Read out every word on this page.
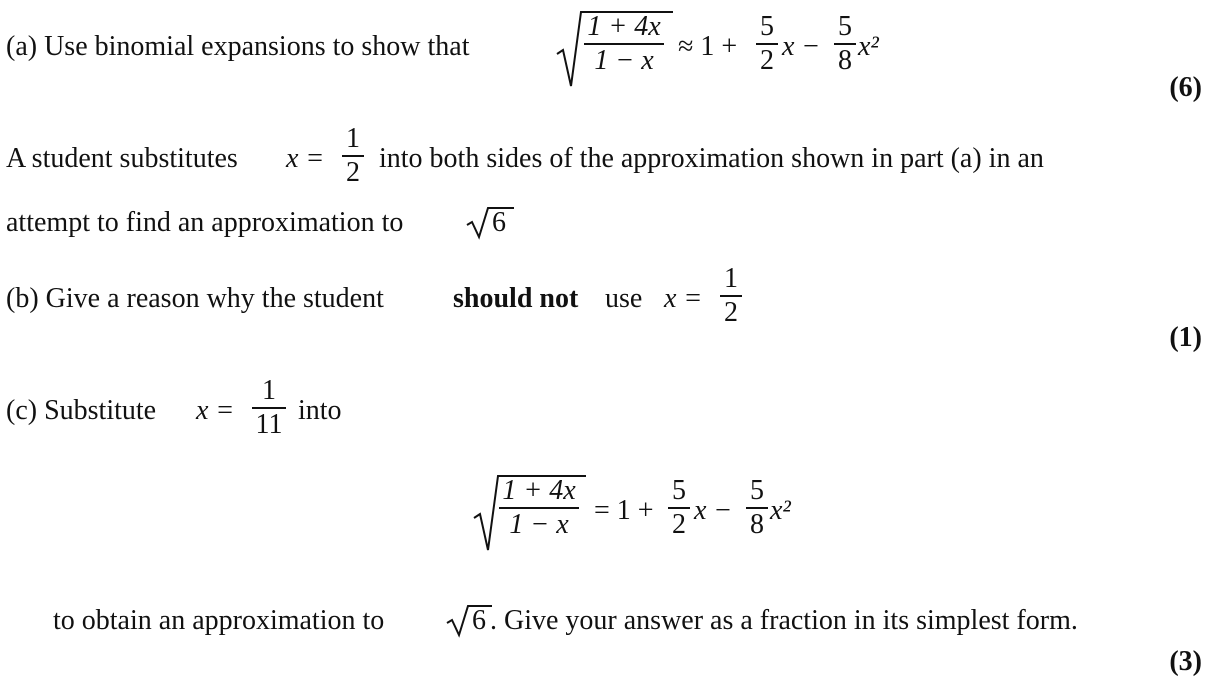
(a) Use binomial expansions to show that
1 + 4x
1 − x ≈ 1 +
5
2 x −
5
8 x²
(6)
A student substitutes x =
1
2 into both sides of the approximation shown in part (a) in an
attempt to find an approximation to	6
(b) Give a reason why the student should not use x =
1
2
(1)
(c) Substitute x =
1
11 into
1 + 4x
1 − x = 1 +
5
2 x −
5
8 x²
to obtain an approximation to	6 . Give your answer as a fraction in its simplest form.
(3)
